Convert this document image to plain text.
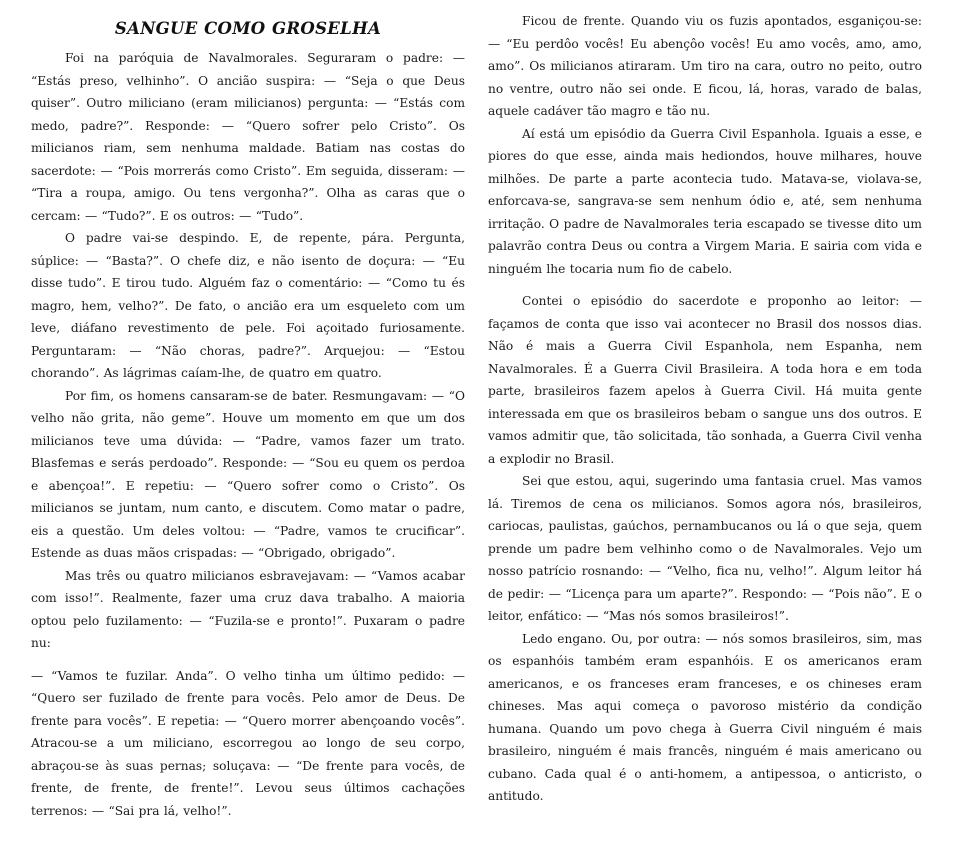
SANGUE COMO GROSELHA

Foi na paróquia de Navalmorales. Seguraram o padre: — “Estás preso, velhinho”. O ancião suspira: — “Seja o que Deus quiser”. Outro miliciano (eram milicianos) pergunta: — “Estás com medo, padre?”. Responde: — “Quero sofrer pelo Cristo”. Os milicianos riam, sem nenhuma maldade. Batiam nas costas do sacerdote: — “Pois morrerás como Cristo”. Em seguida, disseram: — “Tira a roupa, amigo. Ou tens vergonha?”. Olha as caras que o cercam: — “Tudo?”. E os outros: — “Tudo”.

O padre vai-se despindo. E, de repente, pára. Pergunta, súplice: — “Basta?”. O chefe diz, e não isento de doçura: — “Eu disse tudo”. E tirou tudo. Alguém faz o comentário: — “Como tu és magro, hem, velho?”. De fato, o ancião era um esqueleto com um leve, diáfano revestimento de pele. Foi açoitado furiosamente. Perguntaram: — “Não choras, padre?”. Arquejou: — “Estou chorando”. As lágrimas caíam-lhe, de quatro em quatro.

Por fim, os homens cansaram-se de bater. Resmungavam: — “O velho não grita, não geme”. Houve um momento em que um dos milicianos teve uma dúvida: — “Padre, vamos fazer um trato. Blasfemas e serás perdoado”. Responde: — “Sou eu quem os perdoa e abençoa!”. E repetiu: — “Quero sofrer como o Cristo”. Os milicianos se juntam, num canto, e discutem. Como matar o padre, eis a questão. Um deles voltou: — “Padre, vamos te crucificar”. Estende as duas mãos crispadas: — “Obrigado, obrigado”.

Mas três ou quatro milicianos esbravejavam: — “Vamos acabar com isso!”. Realmente, fazer uma cruz dava trabalho. A maioria optou pelo fuzilamento: — “Fuzila-se e pronto!”. Puxaram o padre nu:

— “Vamos te fuzilar. Anda”. O velho tinha um último pedido: — “Quero ser fuzilado de frente para vocês. Pelo amor de Deus. De frente para vocês”. E repetia: — “Quero morrer abençoando vocês”. Atracou-se a um miliciano, escorregou ao longo de seu corpo, abraçou-se às suas pernas; soluçava: — “De frente para vocês, de frente, de frente, de frente!”. Levou seus últimos cachações terrenos: — “Sai pra lá, velho!”.

Ficou de frente. Quando viu os fuzis apontados, esganiçou-se: — “Eu perdôo vocês! Eu abençôo vocês! Eu amo vocês, amo, amo, amo”. Os milicianos atiraram. Um tiro na cara, outro no peito, outro no ventre, outro não sei onde. E ficou, lá, horas, varado de balas, aquele cadáver tão magro e tão nu.

Aí está um episódio da Guerra Civil Espanhola. Iguais a esse, e piores do que esse, ainda mais hediondos, houve milhares, houve milhões. De parte a parte acontecia tudo. Matava-se, violava-se, enforcava-se, sangrava-se sem nenhum ódio e, até, sem nenhuma irritação. O padre de Navalmorales teria escapado se tivesse dito um palavrão contra Deus ou contra a Virgem Maria. E sairia com vida e ninguém lhe tocaria num fio de cabelo.

Contei o episódio do sacerdote e proponho ao leitor: — façamos de conta que isso vai acontecer no Brasil dos nossos dias. Não é mais a Guerra Civil Espanhola, nem Espanha, nem Navalmorales. É a Guerra Civil Brasileira. A toda hora e em toda parte, brasileiros fazem apelos à Guerra Civil. Há muita gente interessada em que os brasileiros bebam o sangue uns dos outros. E vamos admitir que, tão solicitada, tão sonhada, a Guerra Civil venha a explodir no Brasil.

Sei que estou, aqui, sugerindo uma fantasia cruel. Mas vamos lá. Tiremos de cena os milicianos. Somos agora nós, brasileiros, cariocas, paulistas, gaúchos, pernambucanos ou lá o que seja, quem prende um padre bem velhinho como o de Navalmorales. Vejo um nosso patrício rosnando: — “Velho, fica nu, velho!”. Algum leitor há de pedir: — “Licença para um aparte?”. Respondo: — “Pois não”. E o leitor, enfático: — “Mas nós somos brasileiros!”.

Ledo engano. Ou, por outra: — nós somos brasileiros, sim, mas os espanhóis também eram espanhóis. E os americanos eram americanos, e os franceses eram franceses, e os chineses eram chineses. Mas aqui começa o pavoroso mistério da condição humana. Quando um povo chega à Guerra Civil ninguém é mais brasileiro, ninguém é mais francês, ninguém é mais americano ou cubano. Cada qual é o anti-homem, a antipessoa, o anticristo, o antitudo.
